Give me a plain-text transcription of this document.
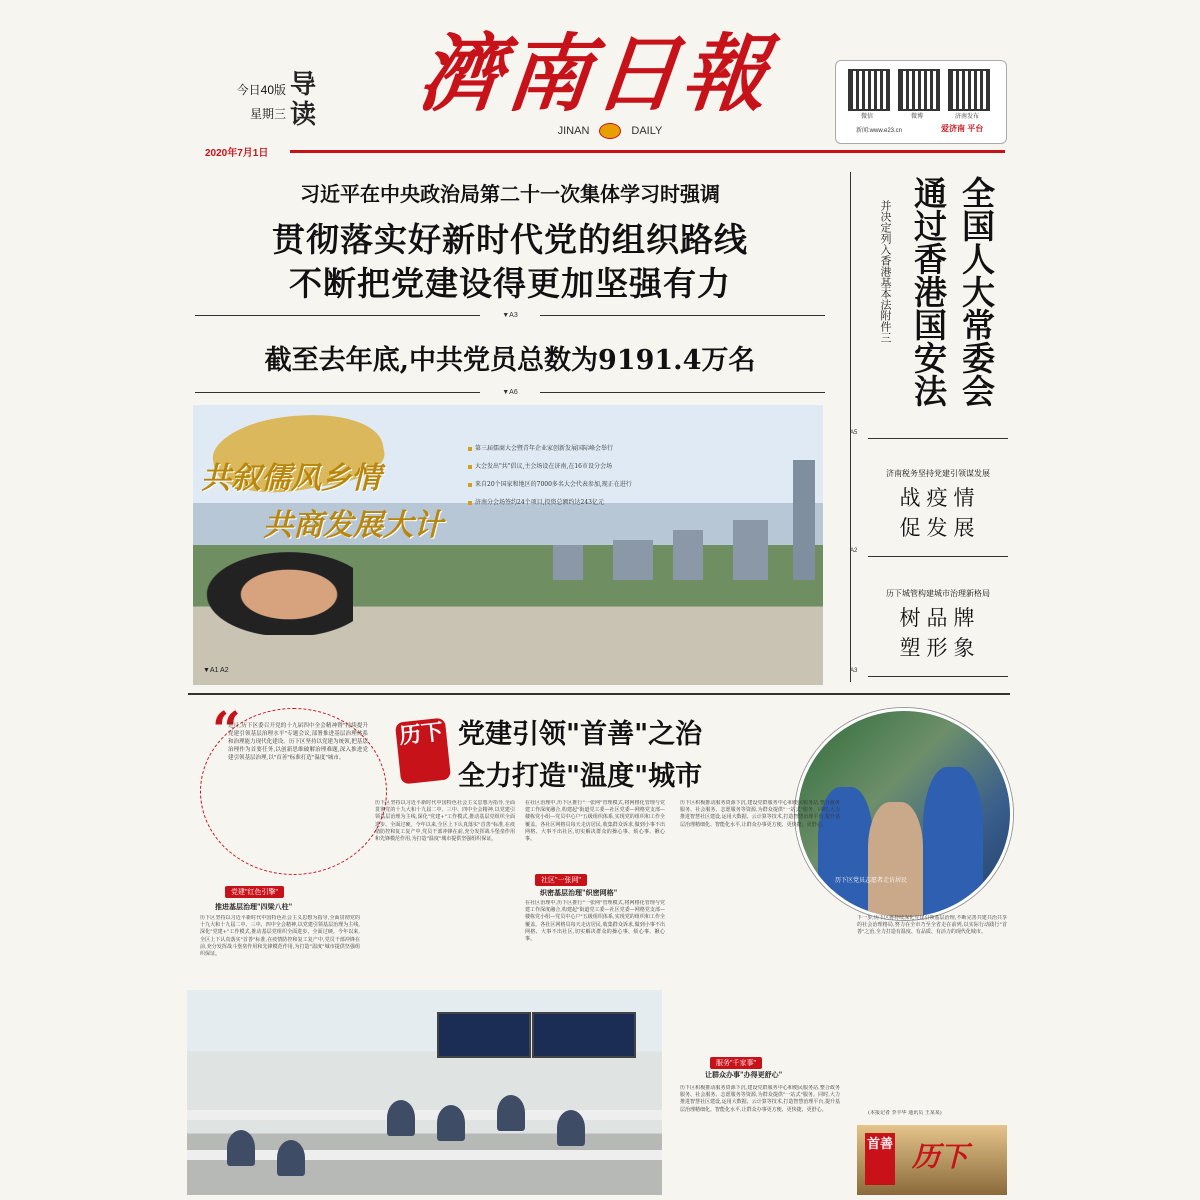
今日40版
星期三
导读 濟南日報
JINAN	DAILY
2020年7月1日
微信	微博	济南发布
新闻:www.e23.cn	爱济南 平台
习近平在中央政治局第二十一次集体学习时强调
贯彻落实好新时代党的组织路线
不断把党建设得更加坚强有力
▼A3
截至去年底,中共党员总数为9191.4万名
▼A6
共叙儒风乡情
共商发展大计
第三届儒商大会暨青年企业家创新发展国际峰会举行
大会发出"共"倡议,主会场设在济南,在16市设分会场
来自20个国家和地区的7000多名大会代表参加,现正在进行
济南分会场签约24个项目,投资总额约达243亿元
▼A1 A2
全国人大常委会
通过香港国安法
并决定列入香港基本法附件三
A5
济南税务坚持党建引领谋发展
战疫情
促发展
A2
历下城管构建城市治理新格局
树品牌
塑形象
A3
“
近日,历下区委召开党的十九届四中全会精神暨"持续提升党建引领基层治理水平"专题会议,部署推进基层治理体系和治理能力现代化建设。历下区坚持以党建为统领,把基层治理作为首要任务,以创新思维破解治理难题,深入推进党建引领基层治理,以"首善"标准打造"温度"城市。
历下 党建引领"首善"之治
全力打造"温度"城市
历下区党员志愿者走访居民
党建"红色引擎"
推进基层治理"四梁八柱"
历下区坚持以习近平新时代中国特色社会主义思想为指导,全面贯彻党的十九大和十九届二中、三中、四中全会精神,以党建引领基层治理为主线,深化"党建+"工作模式,推动基层党组织全面进步、全面过硬。今年以来,全区上下认真落实"首善"标准,在疫情防控和复工复产中,党员干部冲锋在前,充分发挥战斗堡垒作用和先锋模范作用,为打造"温度"城市提供坚强组织保证。
历下区坚持以习近平新时代中国特色社会主义思想为指导,全面贯彻党的十九大和十九届二中、三中、四中全会精神,以党建引领基层治理为主线,深化"党建+"工作模式,推动基层党组织全面进步、全面过硬。今年以来,全区上下认真落实"首善"标准,在疫情防控和复工复产中,党员干部冲锋在前,充分发挥战斗堡垒作用和先锋模范作用,为打造"温度"城市提供坚强组织保证。
在社区治理中,历下区推行"一张网"管理模式,将网格化管理与党建工作深度融合,构建起"街道党工委—社区党委—网格党支部—楼栋党小组—党员中心户"五级组织体系,实现党的组织和工作全覆盖。各社区网格员每天走访居民,收集群众诉求,做到小事不出网格、大事不出社区,切实解决群众的操心事、烦心事、揪心事。
社区"一张网"
织密基层治理"织密网格"
在社区治理中,历下区推行"一张网"管理模式,将网格化管理与党建工作深度融合,构建起"街道党工委—社区党委—网格党支部—楼栋党小组—党员中心户"五级组织体系,实现党的组织和工作全覆盖。各社区网格员每天走访居民,收集群众诉求,做到小事不出网格、大事不出社区,切实解决群众的操心事、烦心事、揪心事。
历下区积极推动服务资源下沉,建设党群服务中心和便民服务站,整合政务服务、社会服务、志愿服务等资源,为群众提供"一站式"服务。同时,大力推进智慧社区建设,运用大数据、云计算等技术,打造智慧治理平台,提升基层治理精细化、智能化水平,让群众办事更方便、更快捷、更舒心。
服务"千家事"
让群众办事"办得更舒心"
历下区积极推动服务资源下沉,建设党群服务中心和便民服务站,整合政务服务、社会服务、志愿服务等资源,为群众提供"一站式"服务。同时,大力推进智慧社区建设,运用大数据、云计算等技术,打造智慧治理平台,提升基层治理精细化、智能化水平,让群众办事更方便、更快捷、更舒心。
下一步,历下区将持续深化党建引领基层治理,不断完善共建共治共享的社会治理格局,努力在全市乃至全省走在前列,以实际行动践行"首善"之治,全力打造有温度、有品质、有活力的现代化城市。
(本报记者 李丰华 通讯员 王某某)
首善 历下
